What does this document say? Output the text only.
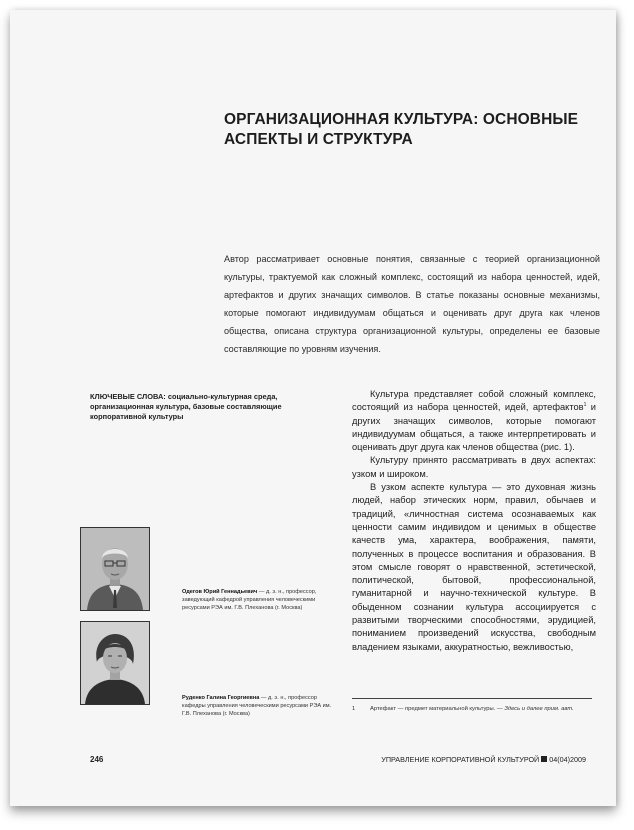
ОРГАНИЗАЦИОННАЯ КУЛЬТУРА: ОСНОВНЫЕ АСПЕКТЫ И СТРУКТУРА

Автор рассматривает основные понятия, связанные с теорией организационной культуры, трактуемой как сложный комплекс, состоящий из набора ценностей, идей, артефактов и других значащих символов. В статье показаны основные механизмы, которые помогают индивидуумам общаться и оценивать друг друга как членов общества, описана структура организационной культуры, определены ее базовые составляющие по уровням изучения.

КЛЮЧЕВЫЕ СЛОВА: социально-культурная среда, организационная культура, базовые составляющие корпоративной культуры

Одегов Юрий Геннадьевич — д. э. н., профессор, заведующий кафедрой управления человеческими ресурсами РЭА им. Г.В. Плеханова (г. Москва)

Руденко Галина Георгиевна — д. э. н., профессор кафедры управления человеческими ресурсами РЭА им. Г.В. Плеханова (г. Москва)

Культура представляет собой сложный комплекс, состоящий из набора ценностей, идей, артефактов$^1$ и других значащих символов, которые помогают индивидуумам общаться, а также интерпретировать и оценивать друг друга как членов общества (рис. 1).

Культуру принято рассматривать в двух аспектах: узком и широком.

В узком аспекте культура — это духовная жизнь людей, набор этических норм, правил, обычаев и традиций, «личностная система осознаваемых как ценности самим индивидом и ценимых в обществе качеств ума, характера, воображения, памяти, полученных в процессе воспитания и образования. В этом смысле говорят о нравственной, эстетической, политической, бытовой, профессиональной, гуманитарной и научно-технической культуре. В обыденном сознании культура ассоциируется с развитыми творческими способностями, эрудицией, пониманием произведений искусства, свободным владением языками, аккуратностью, вежливостью,

1	Артефакт — предмет материальной культуры. — Здесь и далее прим. авт.

246	УПРАВЛЕНИЕ КОРПОРАТИВНОЙ КУЛЬТУРОЙ 04(04)2009
